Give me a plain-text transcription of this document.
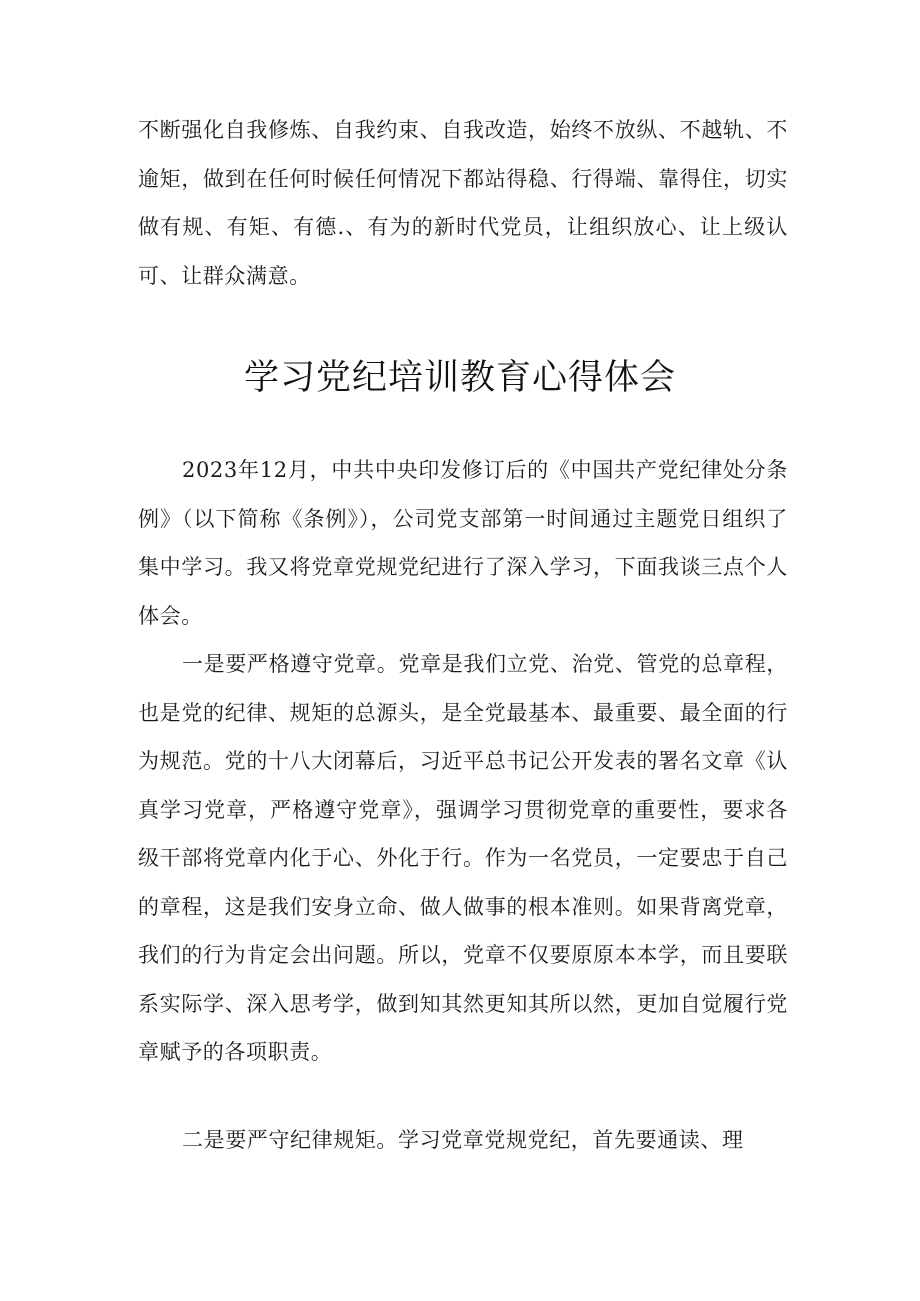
不断强化自我修炼、自我约束、自我改造，始终不放纵、不越轨、不逾矩，做到在任何时候任何情况下都站得稳、行得端、靠得住，切实做有规、有矩、有德.、有为的新时代党员，让组织放心、让上级认可、让群众满意。

学习党纪培训教育心得体会

2023年12月，中共中央印发修订后的《中国共产党纪律处分条例》（以下简称《条例》），公司党支部第一时间通过主题党日组织了集中学习。我又将党章党规党纪进行了深入学习，下面我谈三点个人体会。

一是要严格遵守党章。党章是我们立党、治党、管党的总章程，也是党的纪律、规矩的总源头，是全党最基本、最重要、最全面的行为规范。党的十八大闭幕后，习近平总书记公开发表的署名文章《认真学习党章，严格遵守党章》，强调学习贯彻党章的重要性，要求各级干部将党章内化于心、外化于行。作为一名党员，一定要忠于自己的章程，这是我们安身立命、做人做事的根本准则。如果背离党章，我们的行为肯定会出问题。所以，党章不仅要原原本本学，而且要联系实际学、深入思考学，做到知其然更知其所以然，更加自觉履行党章赋予的各项职责。

二是要严守纪律规矩。学习党章党规党纪，首先要通读、理
